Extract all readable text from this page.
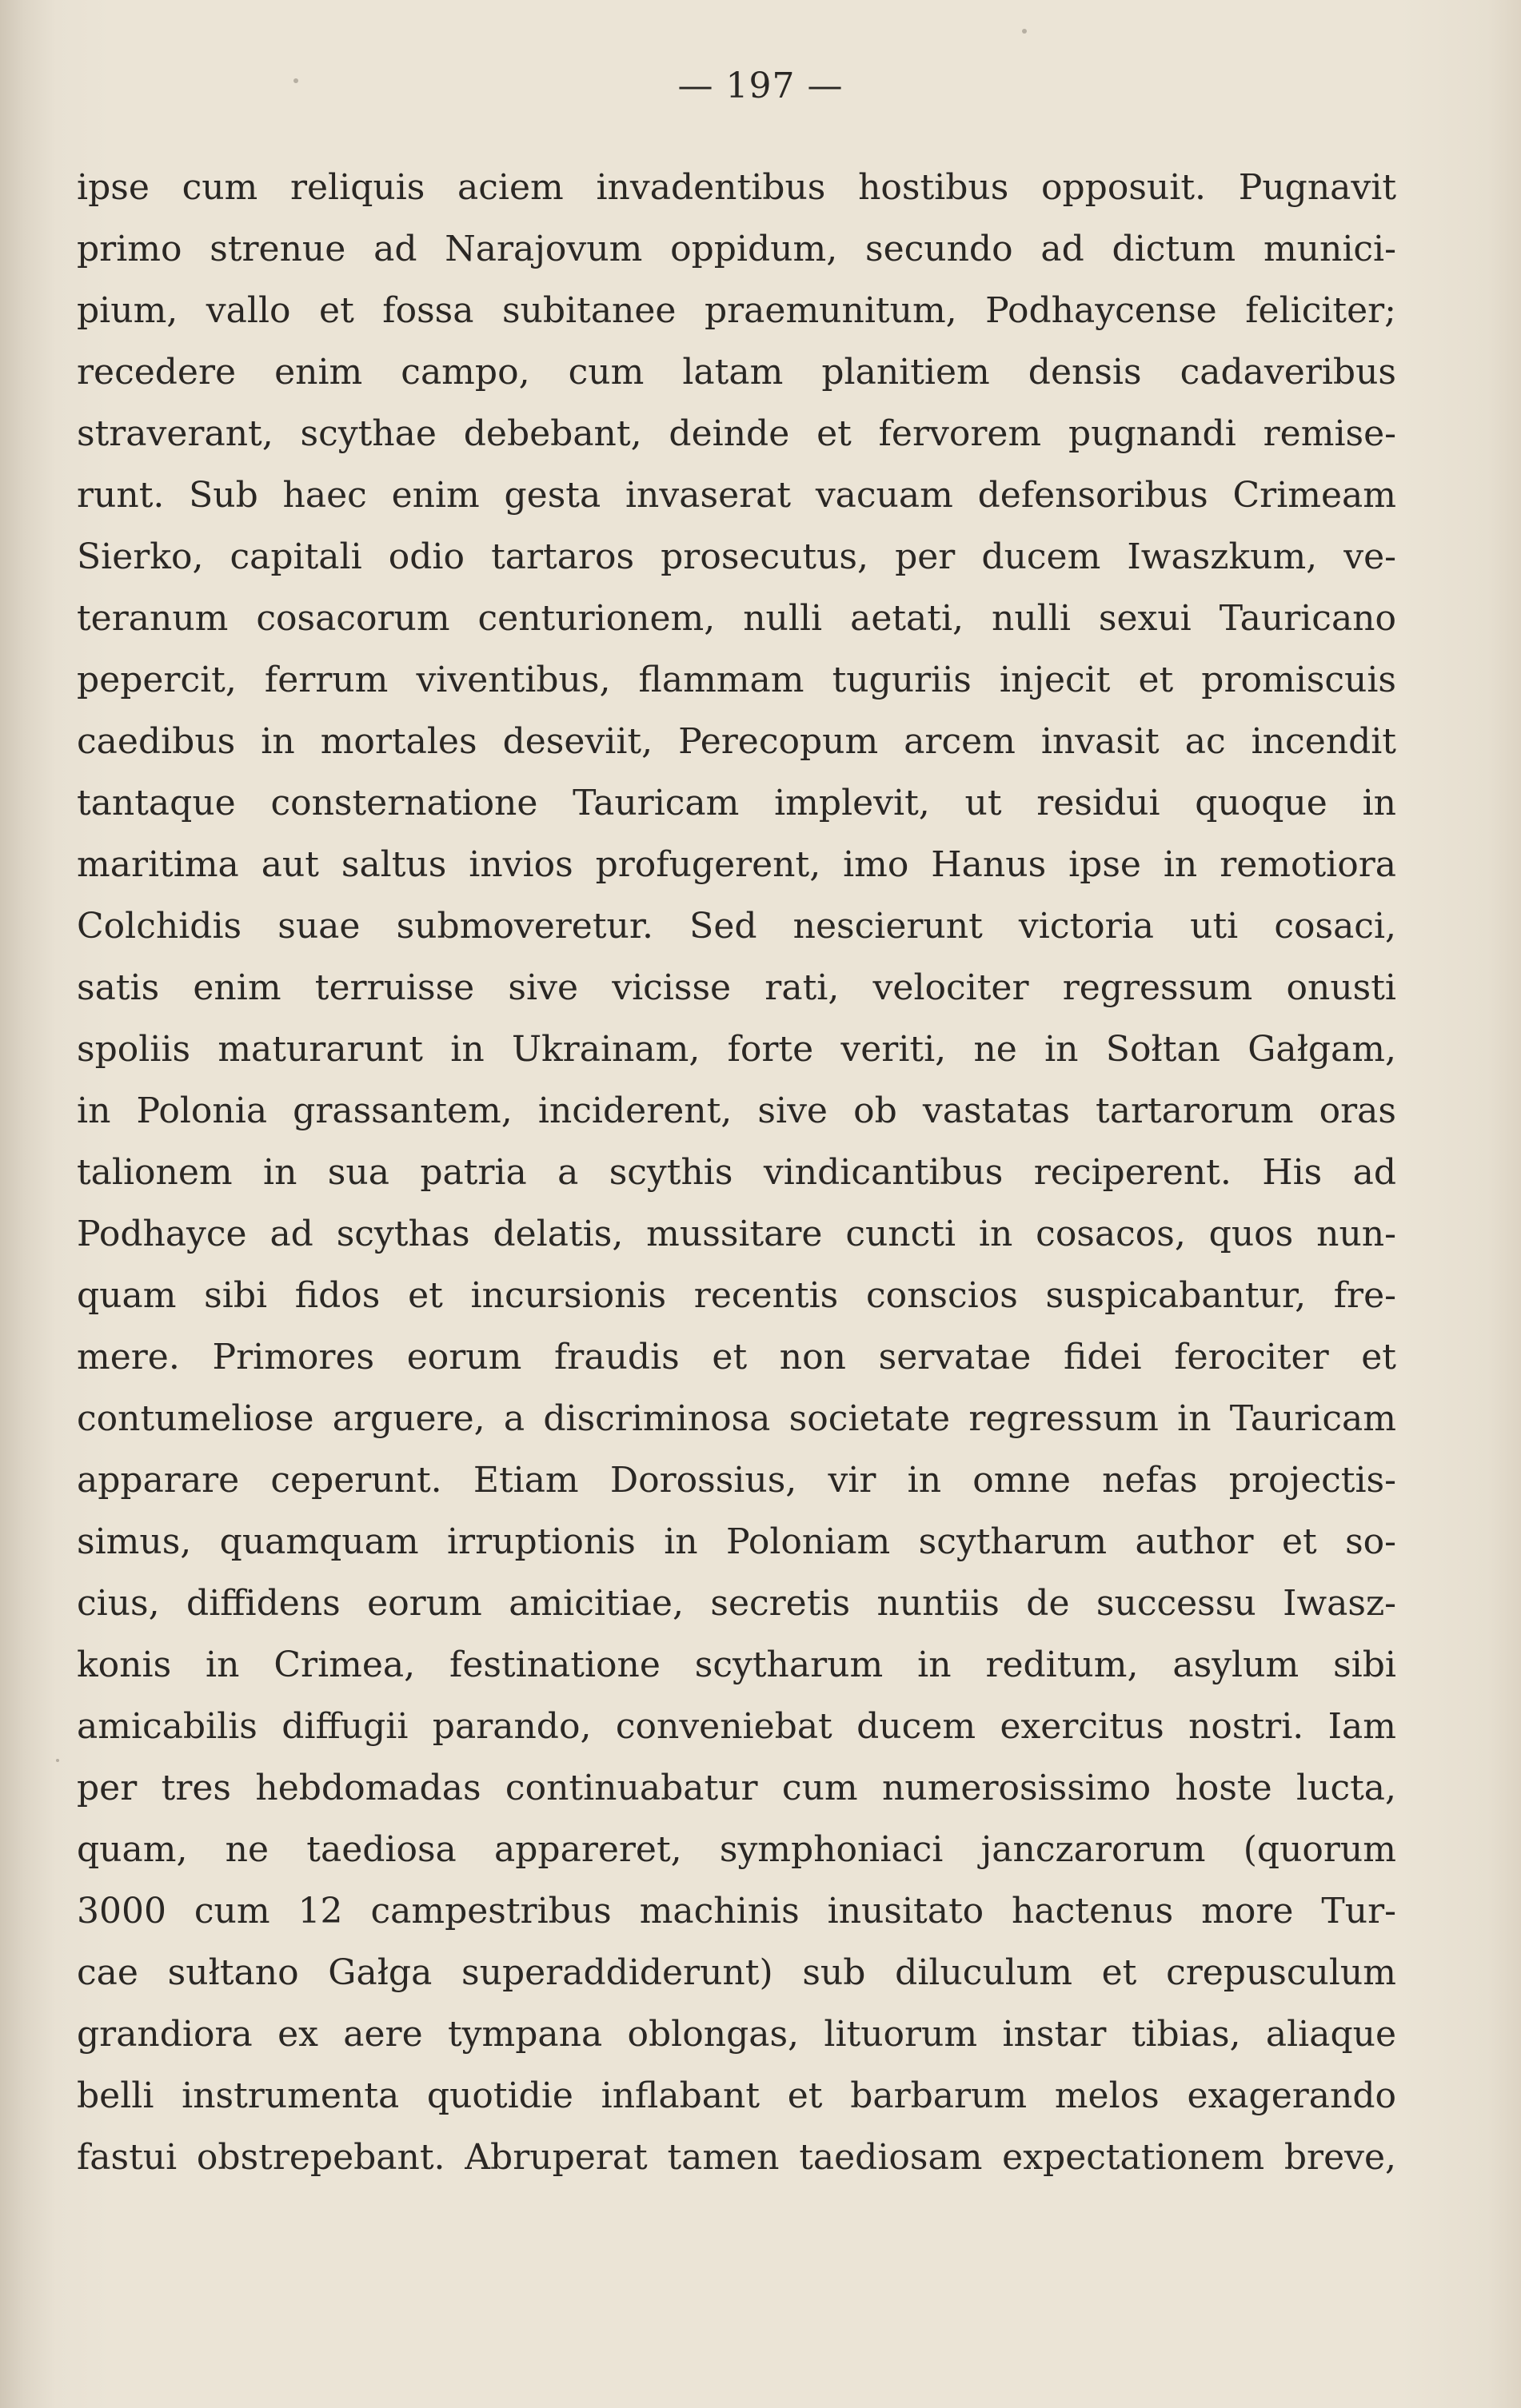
— 197 —
ipse cum reliquis aciem invadentibus hostibus opposuit. Pugnavit
primo strenue ad Narajovum oppidum, secundo ad dictum munici-
pium, vallo et fossa subitanee praemunitum, Podhaycense feliciter;
recedere enim campo, cum latam planitiem densis cadaveribus
straverant, scythae debebant, deinde et fervorem pugnandi remise-
runt. Sub haec enim gesta invaserat vacuam defensoribus Crimeam
Sierko, capitali odio tartaros prosecutus, per ducem Iwaszkum, ve-
teranum cosacorum centurionem, nulli aetati, nulli sexui Tauricano
pepercit, ferrum viventibus, flammam tuguriis injecit et promiscuis
caedibus in mortales deseviit, Perecopum arcem invasit ac incendit
tantaque consternatione Tauricam implevit, ut residui quoque in
maritima aut saltus invios profugerent, imo Hanus ipse in remotiora
Colchidis suae submoveretur. Sed nescierunt victoria uti cosaci,
satis enim terruisse sive vicisse rati, velociter regressum onusti
spoliis maturarunt in Ukrainam, forte veriti, ne in Sołtan Gałgam,
in Polonia grassantem, inciderent, sive ob vastatas tartarorum oras
talionem in sua patria a scythis vindicantibus reciperent. His ad
Podhayce ad scythas delatis, mussitare cuncti in cosacos, quos nun-
quam sibi fidos et incursionis recentis conscios suspicabantur, fre-
mere. Primores eorum fraudis et non servatae fidei ferociter et
contumeliose arguere, a discriminosa societate regressum in Tauricam
apparare ceperunt. Etiam Dorossius, vir in omne nefas projectis-
simus, quamquam irruptionis in Poloniam scytharum author et so-
cius, diffidens eorum amicitiae, secretis nuntiis de successu Iwasz-
konis in Crimea, festinatione scytharum in reditum, asylum sibi
amicabilis diffugii parando, conveniebat ducem exercitus nostri. Iam
per tres hebdomadas continuabatur cum numerosissimo hoste lucta,
quam, ne taediosa appareret, symphoniaci janczarorum (quorum
3000 cum 12 campestribus machinis inusitato hactenus more Tur-
cae sułtano Gałga superaddiderunt) sub diluculum et crepusculum
grandiora ex aere tympana oblongas, lituorum instar tibias, aliaque
belli instrumenta quotidie inflabant et barbarum melos exagerando
fastui obstrepebant. Abruperat tamen taediosam expectationem breve,
